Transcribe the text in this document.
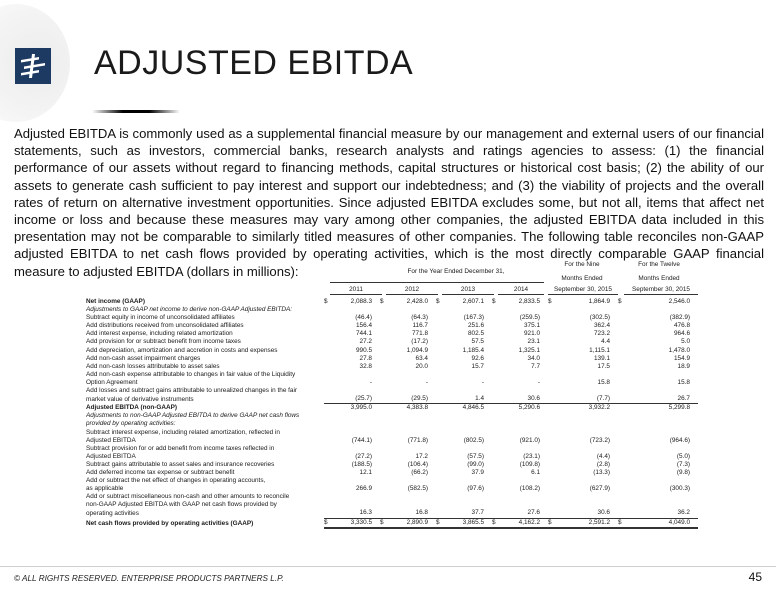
ADJUSTED EBITDA

Adjusted EBITDA is commonly used as a supplemental financial measure by our management and external users of our financial statements, such as investors, commercial banks, research analysts and ratings agencies to assess: (1) the financial performance of our assets without regard to financing methods, capital structures or historical cost basis; (2) the ability of our assets to generate cash sufficient to pay interest and support our indebtedness; and (3) the viability of projects and the overall rates of return on alternative investment opportunities. Since adjusted EBITDA excludes some, but not all, items that affect net income or loss and because these measures may vary among other companies, the adjusted EBITDA data included in this presentation may not be comparable to similarly titled measures of other companies. The following table reconciles non-GAAP adjusted EBITDA to net cash flows provided by operating activities, which is the most directly comparable GAAP financial measure to adjusted EBITDA (dollars in millions):	For the Year Ended December 31,
For the Nine	For the Twelve
Months Ended	Months Ended
2011	2012	2013	2014	September 30, 2015	September 30, 2015
Net income (GAAP)	$	2,088.3	$	2,428.0	$	2,607.1	$	2,833.5	$	1,864.9	$	2,546.0
Adjustments to GAAP net income to derive non-GAAP Adjusted EBITDA:												
Subtract equity in income of unconsolidated affiliates		(46.4)		(64.3)		(167.3)		(259.5)		(302.5)		(382.9)
Add distributions received from unconsolidated affiliates		156.4		116.7		251.6		375.1		362.4		476.8
Add interest expense, including related amortization		744.1		771.8		802.5		921.0		723.2		964.6
Add provision for or subtract benefit from income taxes		27.2		(17.2)		57.5		23.1		4.4		5.0
Add depreciation, amortization and accretion in costs and expenses		990.5		1,094.9		1,185.4		1,325.1		1,115.1		1,478.0
Add non-cash asset impairment charges		27.8		63.4		92.6		34.0		139.1		154.9
Add non-cash losses attributable to asset sales		32.8		20.0		15.7		7.7		17.5		18.9
Add non-cash expense attributable to changes in fair value of the Liquidity												
Option Agreement		-		-		-		-		15.8		15.8
Add losses and subtract gains attributable to unrealized changes in the fair												
market value of derivative instruments		(25.7)		(29.5)		1.4		30.6		(7.7)		26.7
Adjusted EBITDA (non-GAAP)		3,995.0		4,383.8		4,846.5		5,290.6		3,932.2		5,299.8
Adjustments to non-GAAP Adjusted EBITDA to derive GAAP net cash flows												
provided by operating activities:												
Subtract interest expense, including related amortization, reflected in												
Adjusted EBITDA		(744.1)		(771.8)		(802.5)		(921.0)		(723.2)		(964.6)
Subtract provision for or add benefit from income taxes reflected in												
Adjusted EBITDA		(27.2)		17.2		(57.5)		(23.1)		(4.4)		(5.0)
Subtract gains attributable to asset sales and insurance recoveries		(188.5)		(106.4)		(99.0)		(109.8)		(2.8)		(7.3)
Add deferred income tax expense or subtract benefit		12.1		(66.2)		37.9		6.1		(13.3)		(9.8)
Add or subtract the net effect of changes in operating accounts,												
as applicable		266.9		(582.5)		(97.6)		(108.2)		(627.9)		(300.3)
Add or subtract miscellaneous non-cash and other amounts to reconcile												
non-GAAP Adjusted EBITDA with GAAP net cash flows provided by												
operating activities		16.3		16.8		37.7		27.6		30.6		36.2
Net cash flows provided by operating activities (GAAP)	$	3,330.5	$	2,890.9	$	3,865.5	$	4,162.2	$	2,591.2	$	4,049.0
© ALL RIGHTS RESERVED. ENTERPRISE PRODUCTS PARTNERS L.P.	45
